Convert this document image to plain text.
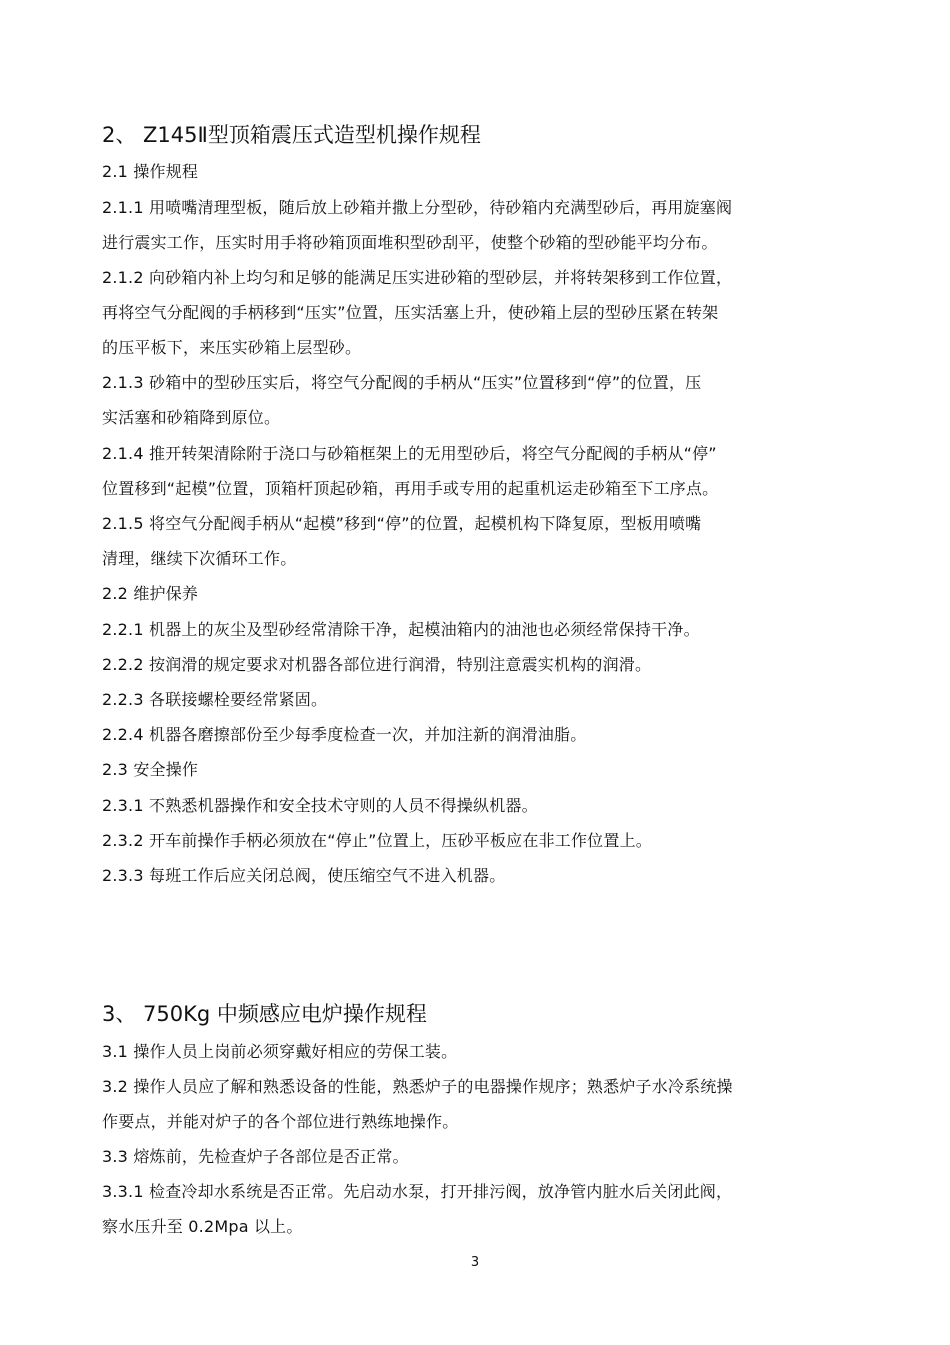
2、 Z145Ⅱ型顶箱震压式造型机操作规程
2.1 操作规程
2.1.1 用喷嘴清理型板，随后放上砂箱并撒上分型砂，待砂箱内充满型砂后，再用旋塞阀
进行震实工作，压实时用手将砂箱顶面堆积型砂刮平，使整个砂箱的型砂能平均分布。
2.1.2 向砂箱内补上均匀和足够的能满足压实进砂箱的型砂层，并将转架移到工作位置，
再将空气分配阀的手柄移到“压实”位置，压实活塞上升，使砂箱上层的型砂压紧在转架
的压平板下，来压实砂箱上层型砂。
2.1.3 砂箱中的型砂压实后，将空气分配阀的手柄从“压实”位置移到“停”的位置，压
实活塞和砂箱降到原位。
2.1.4 推开转架清除附于浇口与砂箱框架上的无用型砂后，将空气分配阀的手柄从“停”
位置移到“起模”位置，顶箱杆顶起砂箱，再用手或专用的起重机运走砂箱至下工序点。
2.1.5 将空气分配阀手柄从“起模”移到“停”的位置，起模机构下降复原，型板用喷嘴
清理，继续下次循环工作。
2.2 维护保养
2.2.1 机器上的灰尘及型砂经常清除干净，起模油箱内的油池也必须经常保持干净。
2.2.2 按润滑的规定要求对机器各部位进行润滑，特别注意震实机构的润滑。
2.2.3 各联接螺栓要经常紧固。
2.2.4 机器各磨擦部份至少每季度检查一次，并加注新的润滑油脂。
2.3 安全操作
2.3.1 不熟悉机器操作和安全技术守则的人员不得操纵机器。
2.3.2 开车前操作手柄必须放在“停止”位置上，压砂平板应在非工作位置上。
2.3.3 每班工作后应关闭总阀，使压缩空气不进入机器。
3、 750Kg 中频感应电炉操作规程
3.1 操作人员上岗前必须穿戴好相应的劳保工装。
3.2 操作人员应了解和熟悉设备的性能，熟悉炉子的电器操作规序；熟悉炉子水冷系统操
作要点，并能对炉子的各个部位进行熟练地操作。
3.3 熔炼前，先检查炉子各部位是否正常。
3.3.1 检查冷却水系统是否正常。先启动水泵，打开排污阀，放净管内脏水后关闭此阀，
察水压升至 0.2Mpa 以上。
3
